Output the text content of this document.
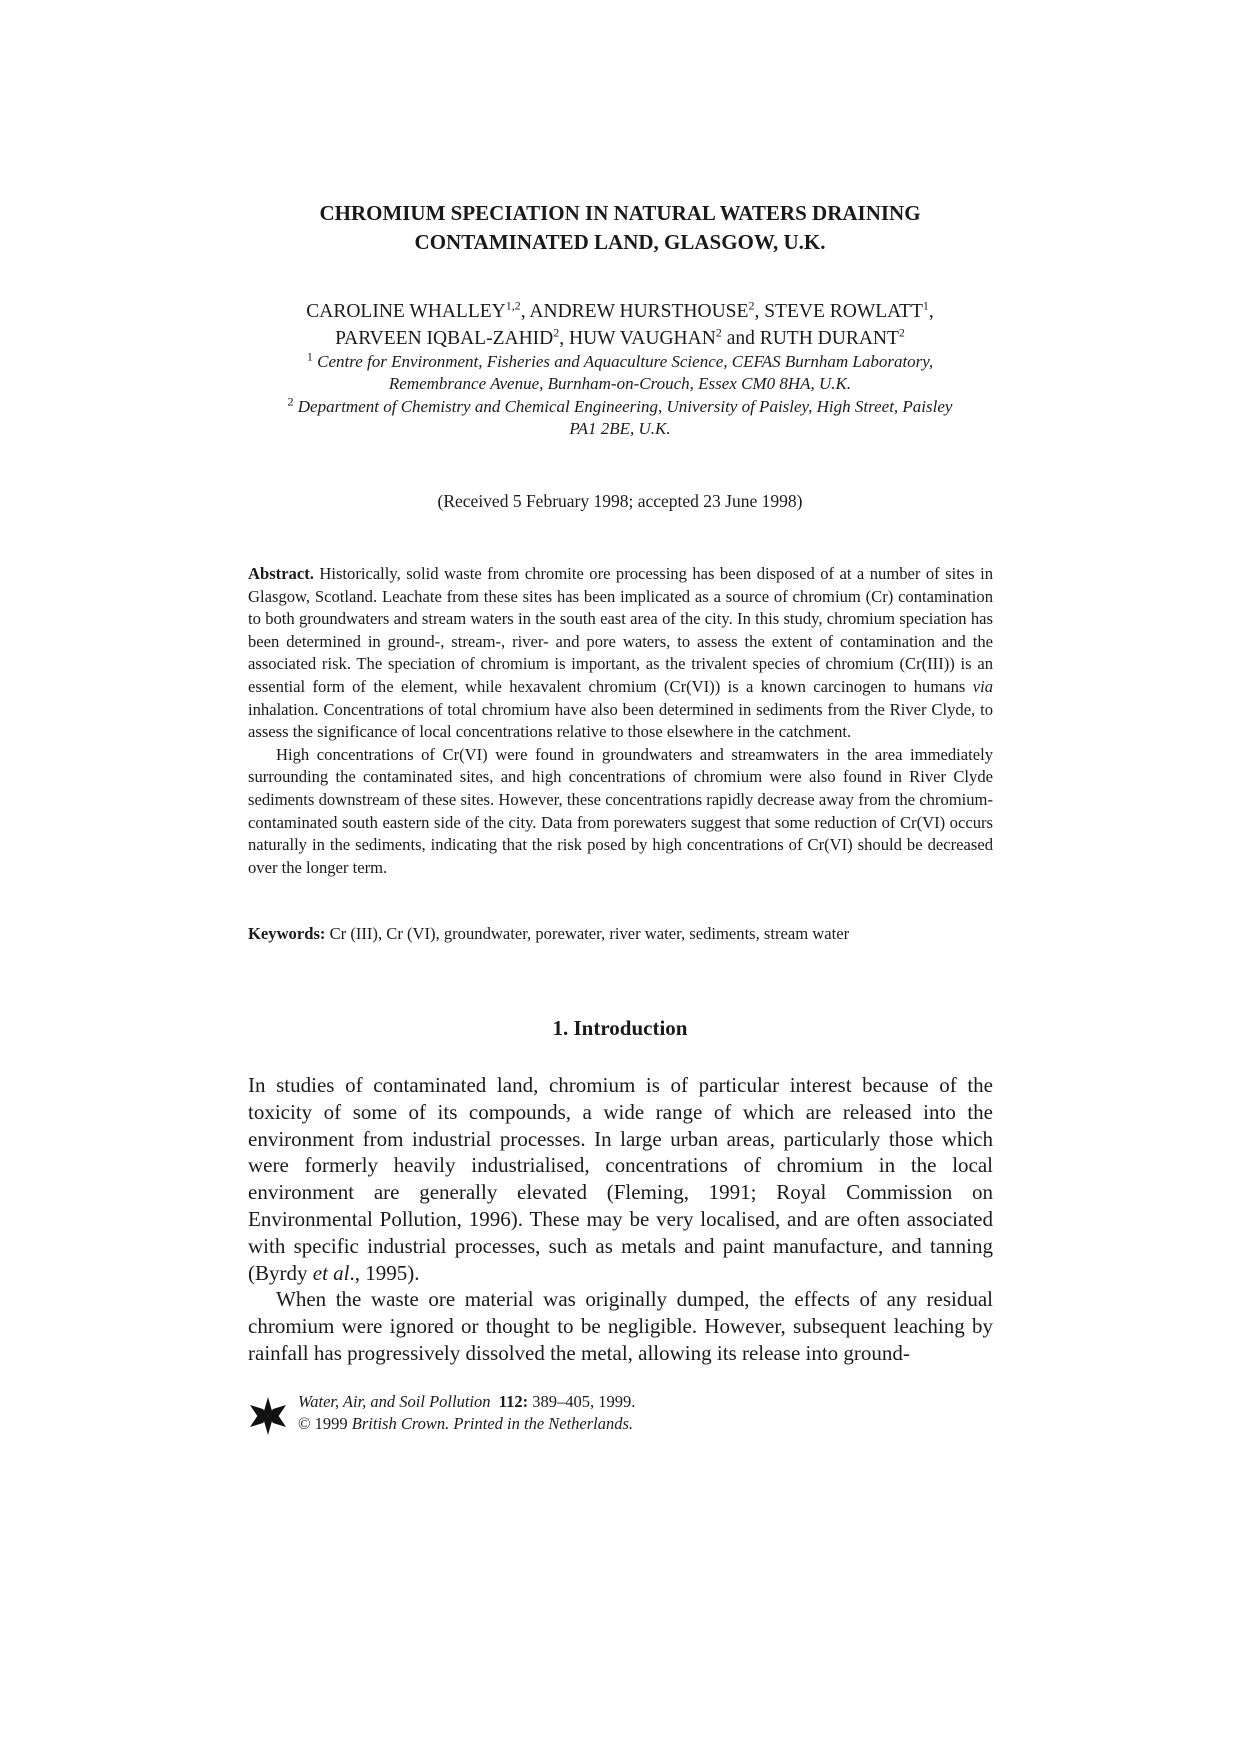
CHROMIUM SPECIATION IN NATURAL WATERS DRAINING
CONTAMINATED LAND, GLASGOW, U.K.
CAROLINE WHALLEY$^{1,2}$, ANDREW HURSTHOUSE$^2$, STEVE ROWLATT$^1$,
PARVEEN IQBAL-ZAHID$^2$, HUW VAUGHAN$^2$ and RUTH DURANT$^2$
$^1$ Centre for Environment, Fisheries and Aquaculture Science, CEFAS Burnham Laboratory,
Remembrance Avenue, Burnham-on-Crouch, Essex CM0 8HA, U.K.
$^2$ Department of Chemistry and Chemical Engineering, University of Paisley, High Street, Paisley
PA1 2BE, U.K.
(Received 5 February 1998; accepted 23 June 1998)

Abstract. Historically, solid waste from chromite ore processing has been disposed of at a number of sites in Glasgow, Scotland. Leachate from these sites has been implicated as a source of chromium (Cr) contamination to both groundwaters and stream waters in the south east area of the city. In this study, chromium speciation has been determined in ground-, stream-, river- and pore waters, to assess the extent of contamination and the associated risk. The speciation of chromium is important, as the trivalent species of chromium (Cr(III)) is an essential form of the element, while hexavalent chromium (Cr(VI)) is a known carcinogen to humans via inhalation. Concentrations of total chromium have also been determined in sediments from the River Clyde, to assess the significance of local concentrations relative to those elsewhere in the catchment.

High concentrations of Cr(VI) were found in groundwaters and streamwaters in the area immediately surrounding the contaminated sites, and high concentrations of chromium were also found in River Clyde sediments downstream of these sites. However, these concentrations rapidly decrease away from the chromium-contaminated south eastern side of the city. Data from porewaters suggest that some reduction of Cr(VI) occurs naturally in the sediments, indicating that the risk posed by high concentrations of Cr(VI) should be decreased over the longer term.

Keywords: Cr (III), Cr (VI), groundwater, porewater, river water, sediments, stream water
1. Introduction

In studies of contaminated land, chromium is of particular interest because of the toxicity of some of its compounds, a wide range of which are released into the environment from industrial processes. In large urban areas, particularly those which were formerly heavily industrialised, concentrations of chromium in the local environment are generally elevated (Fleming, 1991; Royal Commission on Environmental Pollution, 1996). These may be very localised, and are often associated with specific industrial processes, such as metals and paint manufacture, and tanning (Byrdy et al., 1995).

When the waste ore material was originally dumped, the effects of any residual chromium were ignored or thought to be negligible. However, subsequent leaching by rainfall has progressively dissolved the metal, allowing its release into ground-

Water, Air, and Soil Pollution 112: 389–405, 1999.
© 1999 British Crown. Printed in the Netherlands.
